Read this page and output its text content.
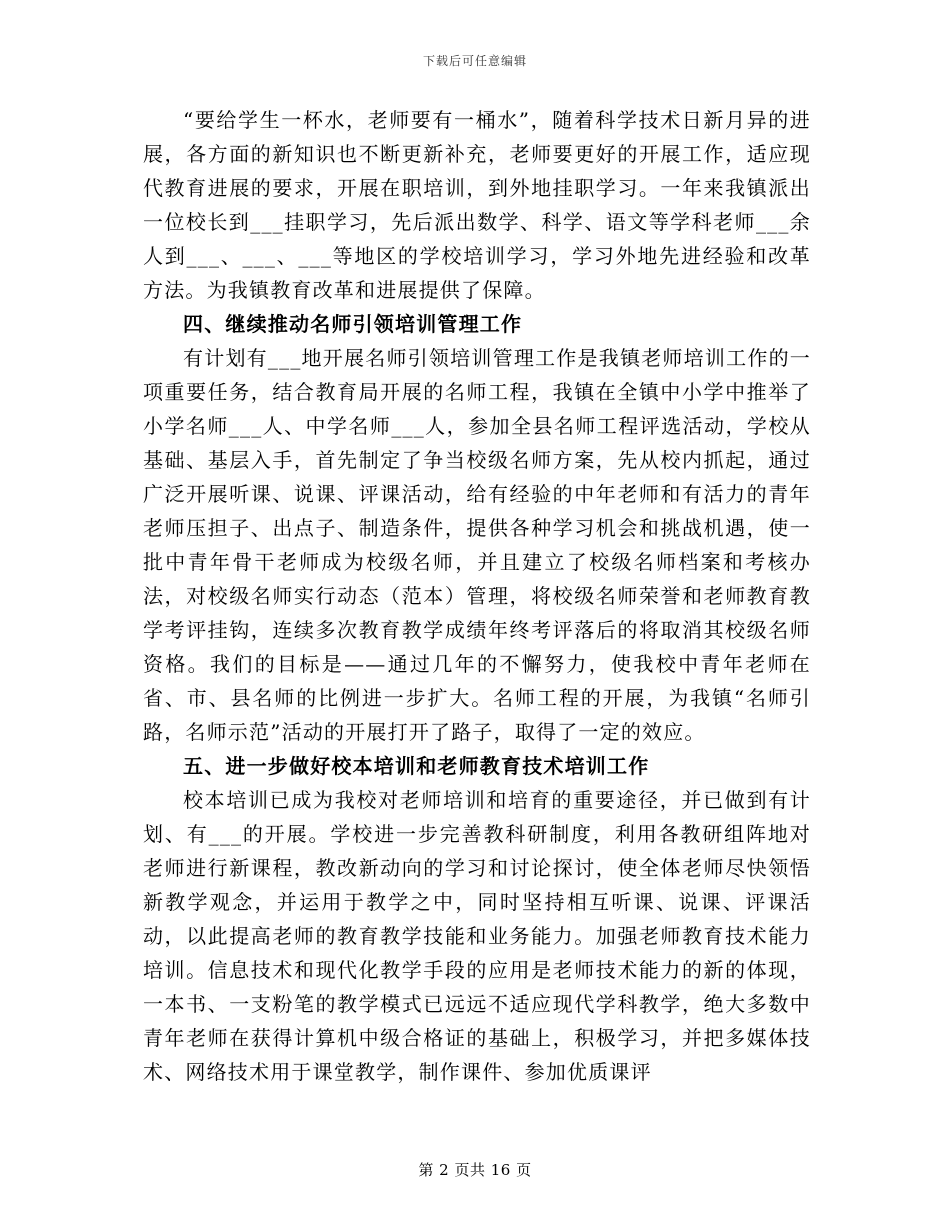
下载后可任意编辑

“要给学生一杯水，老师要有一桶水”，随着科学技术日新月异的进展，各方面的新知识也不断更新补充，老师要更好的开展工作，适应现代教育进展的要求，开展在职培训，到外地挂职学习。一年来我镇派出一位校长到___挂职学习，先后派出数学、科学、语文等学科老师___余人到___、___、___等地区的学校培训学习，学习外地先进经验和改革方法。为我镇教育改革和进展提供了保障。

四、继续推动名师引领培训管理工作

有计划有___地开展名师引领培训管理工作是我镇老师培训工作的一项重要任务，结合教育局开展的名师工程，我镇在全镇中小学中推举了小学名师___人、中学名师___人，参加全县名师工程评选活动，学校从基础、基层入手，首先制定了争当校级名师方案，先从校内抓起，通过广泛开展听课、说课、评课活动，给有经验的中年老师和有活力的青年老师压担子、出点子、制造条件，提供各种学习机会和挑战机遇，使一批中青年骨干老师成为校级名师，并且建立了校级名师档案和考核办法，对校级名师实行动态（范本）管理，将校级名师荣誉和老师教育教学考评挂钩，连续多次教育教学成绩年终考评落后的将取消其校级名师资格。我们的目标是——通过几年的不懈努力，使我校中青年老师在省、市、县名师的比例进一步扩大。名师工程的开展，为我镇“名师引路，名师示范”活动的开展打开了路子，取得了一定的效应。

五、进一步做好校本培训和老师教育技术培训工作

校本培训已成为我校对老师培训和培育的重要途径，并已做到有计划、有___的开展。学校进一步完善教科研制度，利用各教研组阵地对老师进行新课程，教改新动向的学习和讨论探讨，使全体老师尽快领悟新教学观念，并运用于教学之中，同时坚持相互听课、说课、评课活动，以此提高老师的教育教学技能和业务能力。加强老师教育技术能力培训。信息技术和现代化教学手段的应用是老师技术能力的新的体现，一本书、一支粉笔的教学模式已远远不适应现代学科教学，绝大多数中青年老师在获得计算机中级合格证的基础上，积极学习，并把多媒体技术、网络技术用于课堂教学，制作课件、参加优质课评

第 2 页共 16 页
